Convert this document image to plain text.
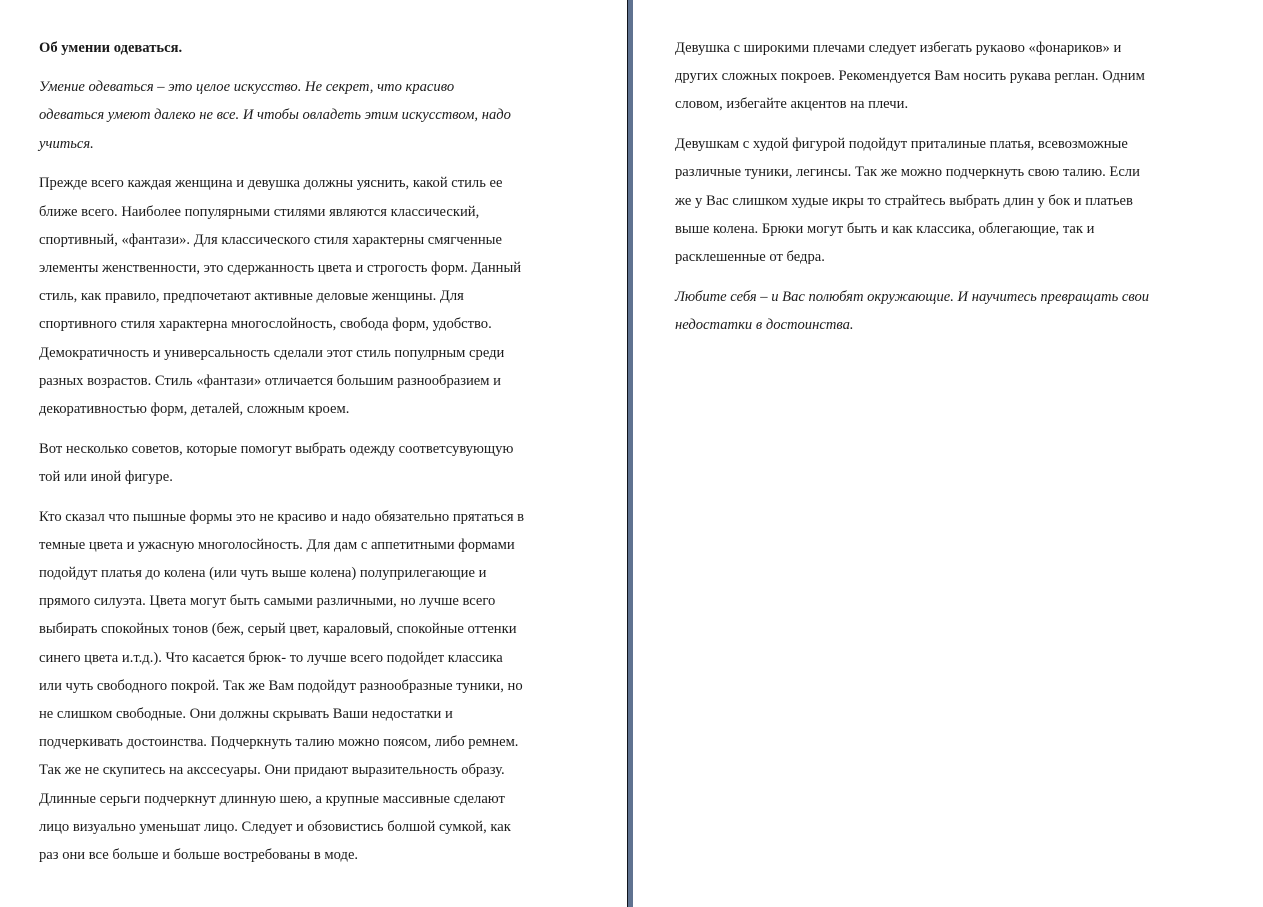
Об умении одеваться.

Умение одеваться – это целое искусство. Не секрет, что красиво
одеваться умеют далеко не все. И чтобы овладеть этим искусством, надо
учиться.

Прежде всего каждая женщина и девушка должны уяснить, какой стиль ее
ближе всего. Наиболее популярными стилями являются классический,
спортивный, «фантази». Для классического стиля характерны смягченные
элементы женственности, это сдержанность цвета и строгость форм. Данный
стиль, как правило, предпочетают активные деловые женщины. Для
спортивного стиля характерна многослойность, свобода форм, удобство.
Демократичность и универсальность сделали этот стиль популрным среди
разных возрастов. Стиль «фантази» отличается большим разнообразием и
декоративностью форм, деталей, сложным кроем.

Вот несколько советов, которые помогут выбрать одежду соответсувующую
той или иной фигуре.

Кто сказал что пышные формы это не красиво и надо обязательно прятаться в
темные цвета и ужасную многолосйность. Для дам с аппетитными формами
подойдут платья до колена (или чуть выше колена) полуприлегающие и
прямого силуэта. Цвета могут быть самыми различными, но лучше всего
выбирать спокойных тонов (беж, серый цвет, караловый, спокойные оттенки
синего цвета и.т.д.). Что касается брюк- то лучше всего подойдет классика
или чуть свободного покрой. Так же Вам подойдут разнообразные туники, но
не слишком свободные. Они должны скрывать Ваши недостатки и
подчеркивать достоинства. Подчеркнуть талию можно поясом, либо ремнем.
Так же не скупитесь на акссесуары. Они придают выразительность образу.
Длинные серьги подчеркнут длинную шею, а крупные массивные сделают
лицо визуально уменьшат лицо. Следует и обзовистись болшой сумкой, как
раз они все больше и больше востребованы в моде.

Девушка с широкими плечами следует избегать рукаово «фонариков» и
других сложных покроев. Рекомендуется Вам носить рукава реглан. Одним
словом, избегайте акцентов на плечи.

Девушкам с худой фигурой подойдут приталиные платья, всевозможные
различные туники, легинсы. Так же можно подчеркнуть свою талию. Если
же у Вас слишком худые икры то страйтесь выбрать длин у бок и платьев
выше колена. Брюки могут быть и как классика, облегающие, так и
расклешенные от бедра.

Любите себя – и Вас полюбят окружающие. И научитесь превращать свои
недостатки в достоинства.
